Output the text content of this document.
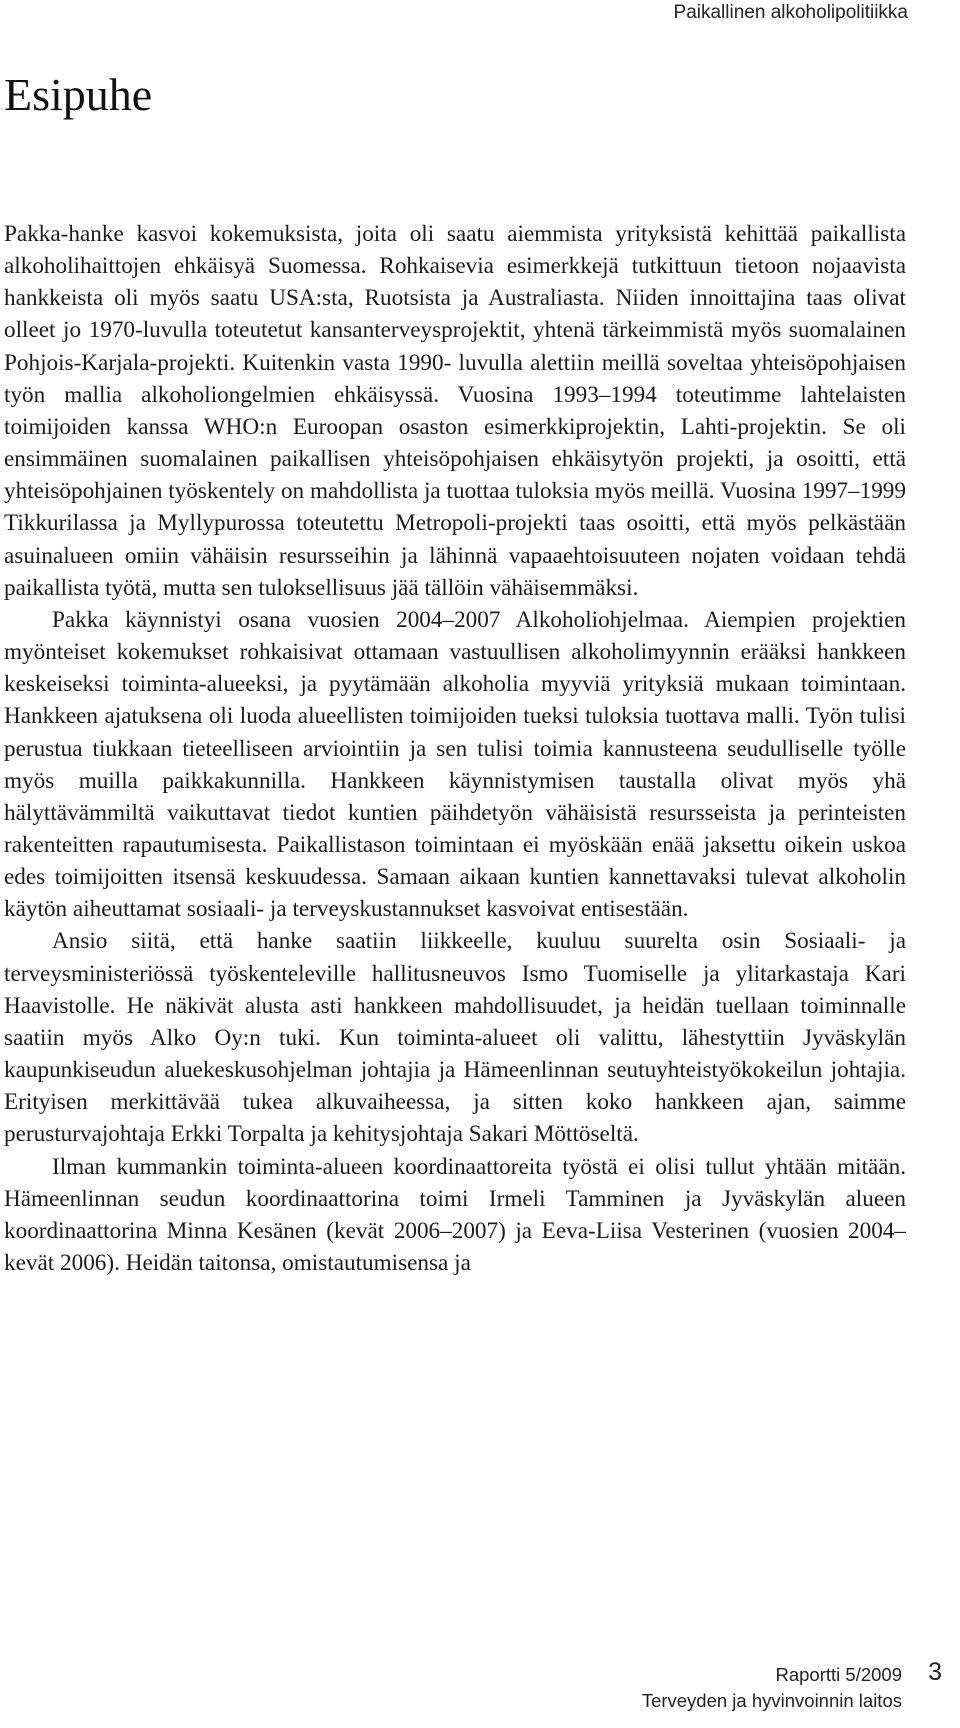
Paikallinen alkoholipolitiikka
Esipuhe

Pakka-hanke kasvoi kokemuksista, joita oli saatu aiemmista yrityksistä kehittää paikallista alkoholihaittojen ehkäisyä Suomessa. Rohkaisevia esimerkkejä tutkittuun tietoon nojaavista hankkeista oli myös saatu USA:sta, Ruotsista ja Australiasta. Niiden innoittajina taas olivat olleet jo 1970-luvulla toteutetut kansanterveysprojektit, yhtenä tärkeimmistä myös suomalainen Pohjois-Karjala-projekti. Kuitenkin vasta 1990- luvulla alettiin meillä soveltaa yhteisöpohjaisen työn mallia alkoholiongelmien ehkäisyssä. Vuosina 1993–1994 toteutimme lahtelaisten toimijoiden kanssa WHO:n Euroopan osaston esimerkkiprojektin, Lahti-projektin. Se oli ensimmäinen suomalainen paikallisen yhteisöpohjaisen ehkäisytyön projekti, ja osoitti, että yhteisöpohjainen työskentely on mahdollista ja tuottaa tuloksia myös meillä. Vuosina 1997–1999 Tikkurilassa ja Myllypurossa toteutettu Metropoli-projekti taas osoitti, että myös pelkästään asuinalueen omiin vähäisin resursseihin ja lähinnä vapaaehtoisuuteen nojaten voidaan tehdä paikallista työtä, mutta sen tuloksellisuus jää tällöin vähäisemmäksi.

Pakka käynnistyi osana vuosien 2004–2007 Alkoholiohjelmaa. Aiempien projektien myönteiset kokemukset rohkaisivat ottamaan vastuullisen alkoholimyynnin erääksi hankkeen keskeiseksi toiminta-alueeksi, ja pyytämään alkoholia myyviä yrityksiä mukaan toimintaan. Hankkeen ajatuksena oli luoda alueellisten toimijoiden tueksi tuloksia tuottava malli. Työn tulisi perustua tiukkaan tieteelliseen arviointiin ja sen tulisi toimia kannusteena seudulliselle työlle myös muilla paikkakunnilla. Hankkeen käynnistymisen taustalla olivat myös yhä hälyttävämmiltä vaikuttavat tiedot kuntien päihdetyön vähäisistä resursseista ja perinteisten rakenteitten rapautumisesta. Paikallistason toimintaan ei myöskään enää jaksettu oikein uskoa edes toimijoitten itsensä keskuudessa. Samaan aikaan kuntien kannettavaksi tulevat alkoholin käytön aiheuttamat sosiaali- ja terveyskustannukset kasvoivat entisestään.

Ansio siitä, että hanke saatiin liikkeelle, kuuluu suurelta osin Sosiaali- ja terveysministeriössä työskenteleville hallitusneuvos Ismo Tuomiselle ja ylitarkastaja Kari Haavistolle. He näkivät alusta asti hankkeen mahdollisuudet, ja heidän tuellaan toiminnalle saatiin myös Alko Oy:n tuki. Kun toiminta-alueet oli valittu, lähestyttiin Jyväskylän kaupunkiseudun aluekeskusohjelman johtajia ja Hämeenlinnan seutuyhteistyökokeilun johtajia. Erityisen merkittävää tukea alkuvaiheessa, ja sitten koko hankkeen ajan, saimme perusturvajohtaja Erkki Torpalta ja kehitysjohtaja Sakari Möttöseltä.

Ilman kummankin toiminta-alueen koordinaattoreita työstä ei olisi tullut yhtään mitään. Hämeenlinnan seudun koordinaattorina toimi Irmeli Tamminen ja Jyväskylän alueen koordinaattorina Minna Kesänen (kevät 2006–2007) ja Eeva-Liisa Vesterinen (vuosien 2004–kevät 2006). Heidän taitonsa, omistautumisensa ja

Raportti 5/2009
Terveyden ja hyvinvoinnin laitos
3
